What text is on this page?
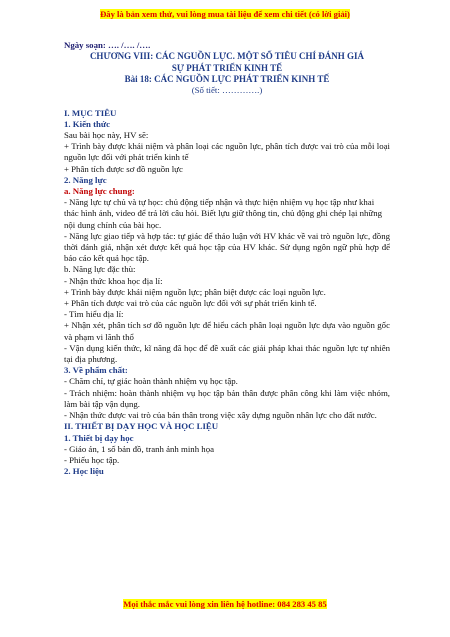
Đây là bản xem thử, vui lòng mua tài liệu để xem chi tiết (có lời giải)
Ngày soạn: …. /…. /….
CHƯƠNG VIII: CÁC NGUỒN LỰC. MỘT SỐ TIÊU CHÍ ĐÁNH GIÁ
SỰ PHÁT TRIỂN KINH TẾ
Bài 18: CÁC NGUỒN LỰC PHÁT TRIỂN KINH TẾ
(Số tiết: ………….)
I. MỤC TIÊU
1. Kiến thức
Sau bài học này, HV sẽ:
+ Trình bày được khái niệm và phân loại các nguồn lực, phân tích được vai trò của mỗi loại nguồn lực đối với phát triển kinh tế
+ Phân tích được sơ đồ nguồn lực
2. Năng lực
a. Năng lực chung:
- Năng lực tự chủ và tự học: chủ động tiếp nhận và thực hiện nhiệm vụ học tập như khai
thác hình ảnh, video để trả lời câu hỏi. Biết lựu giữ thông tin, chủ động ghi chép lại những
nội dung chính của bài học.
- Năng lực giao tiếp và hợp tác: tự giác để thảo luận với HV khác về vai trò nguồn lực, đồng thời đánh giá, nhận xét được kết quả học tập của HV khác. Sử dụng ngôn ngữ phù hợp để báo cáo kết quả học tập.
b. Năng lực đặc thù:
- Nhận thức khoa học địa lí:
+ Trình bày được khái niệm nguồn lực; phân biệt được các loại nguồn lực.
+ Phân tích được vai trò của các nguồn lực đối với sự phát triển kinh tế.
- Tìm hiểu địa lí:
+ Nhận xét, phân tích sơ đồ nguồn lực để hiểu cách phân loại nguồn lực dựa vào nguồn gốc và phạm vi lãnh thổ
- Vận dụng kiến thức, kĩ năng đã học để đề xuất các giải pháp khai thác nguồn lực tự nhiên tại địa phương.
3. Về phẩm chất:
- Chăm chỉ, tự giác hoàn thành nhiệm vụ học tập.
- Trách nhiệm: hoàn thành nhiệm vụ học tập bản thân được phân công khi làm việc nhóm, làm bài tập vận dụng.
- Nhận thức được vai trò của bản thân trong việc xây dựng nguồn nhân lực cho đất nước.
II. THIẾT BỊ DẠY HỌC VÀ HỌC LIỆU
1. Thiết bị dạy học
- Giáo án, 1 số bản đồ, tranh ảnh minh họa
- Phiếu học tập.
2. Học liệu
Mọi thắc mắc vui lòng xin liên hệ hotline: 084 283 45 85
